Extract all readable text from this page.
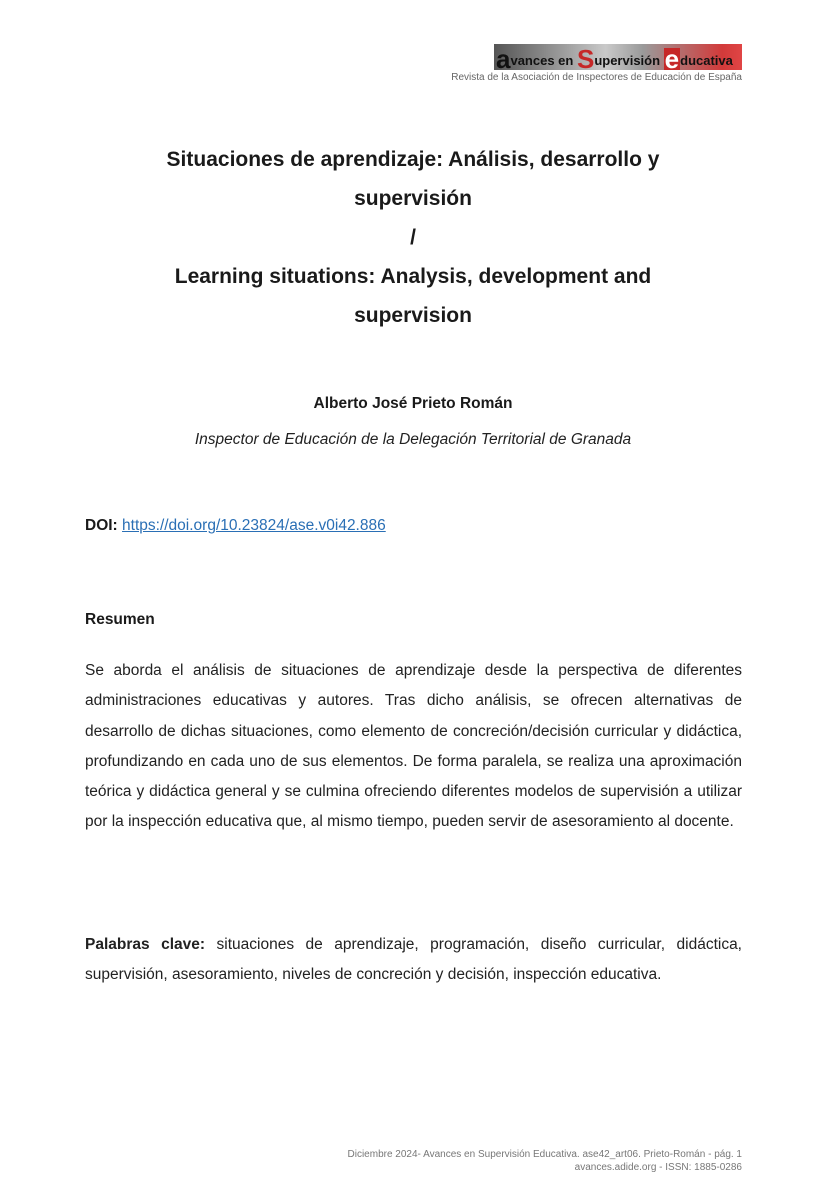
a vances en S upervisión e ducativa
Revista de la Asociación de Inspectores de Educación de España
Situaciones de aprendizaje: Análisis, desarrollo y
supervisión
/
Learning situations: Analysis, development and
supervision
Alberto José Prieto Román
Inspector de Educación de la Delegación Territorial de Granada
DOI: https://doi.org/10.23824/ase.v0i42.886
Resumen

Se aborda el análisis de situaciones de aprendizaje desde la perspectiva de diferentes administraciones educativas y autores. Tras dicho análisis, se ofrecen alternativas de desarrollo de dichas situaciones, como elemento de concreción/decisión curricular y didáctica, profundizando en cada uno de sus elementos. De forma paralela, se realiza una aproximación teórica y didáctica general y se culmina ofreciendo diferentes modelos de supervisión a utilizar por la inspección educativa que, al mismo tiempo, pueden servir de asesoramiento al docente.

Palabras clave: situaciones de aprendizaje, programación, diseño curricular, didáctica, supervisión, asesoramiento, niveles de concreción y decisión, inspección educativa.

Diciembre 2024- Avances en Supervisión Educativa. ase42_art06. Prieto-Román - pág. 1
avances.adide.org - ISSN: 1885-0286
